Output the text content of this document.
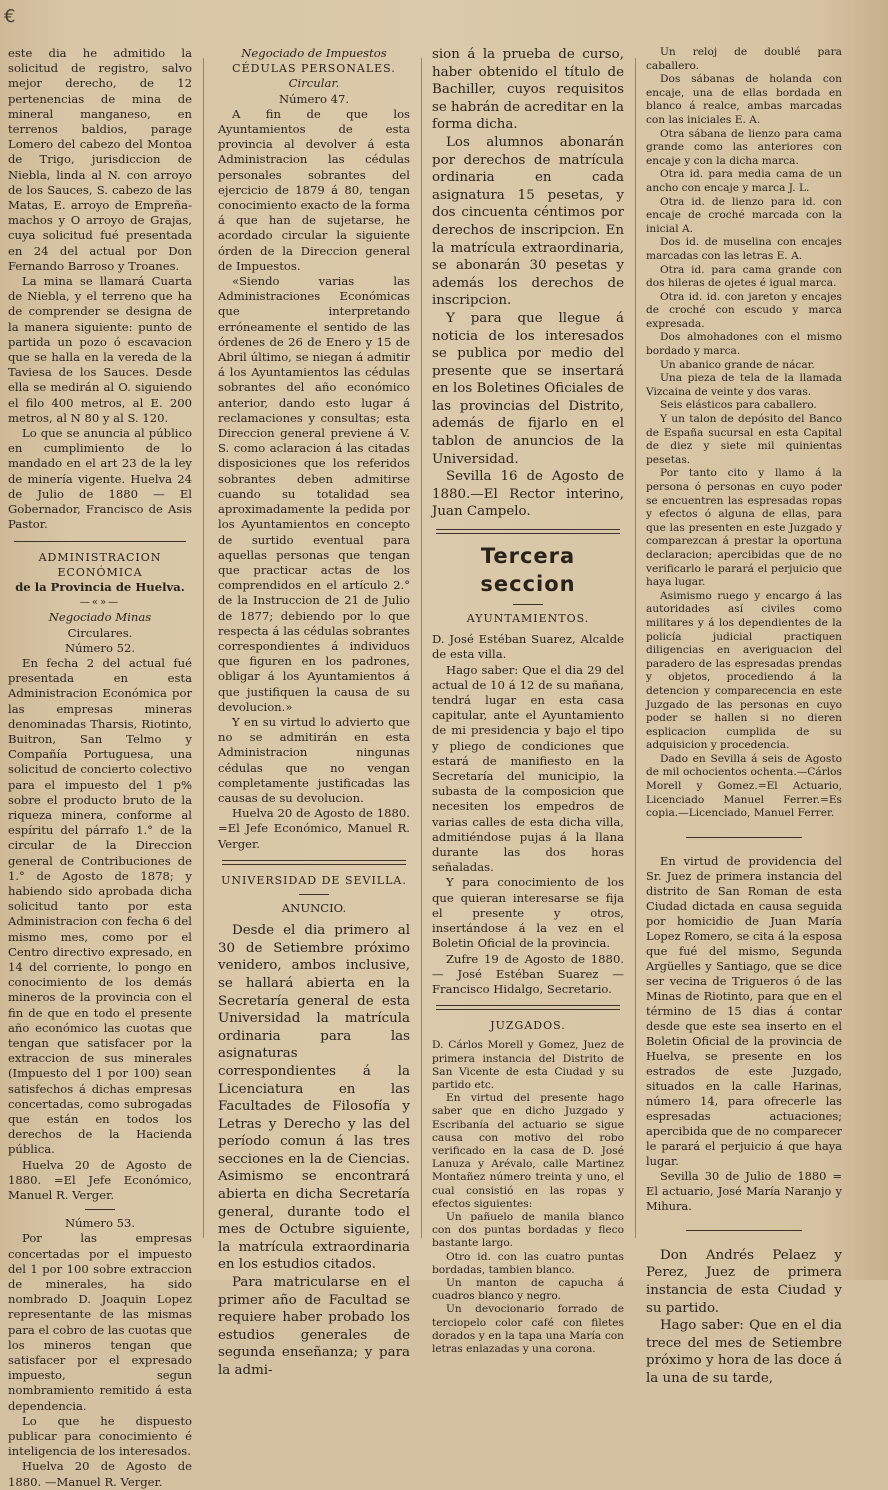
€

este dia he admitido la solicitud de registro, salvo mejor derecho, de 12 pertenencias de mina de mineral manganeso, en terrenos baldios, parage Lomero del cabezo del Montoa de Trigo, jurisdiccion de Niebla, linda al N. con arroyo de los Sauces, S. cabezo de las Matas, E. arroyo de Empreña-machos y O arroyo de Grajas, cuya solicitud fué presentada en 24 del actual por Don Fernando Barroso y Troanes.

La mina se llamará Cuarta de Niebla, y el terreno que ha de comprender se designa de la manera siguiente: punto de partida un pozo ó escavacion que se halla en la vereda de la Taviesa de los Sauces. Desde ella se medirán al O. siguiendo el filo 400 metros, al E. 200 metros, al N 80 y al S. 120.

Lo que se anuncia al público en cumplimiento de lo mandado en el art 23 de la ley de minería vigente. Huelva 24 de Julio de 1880 — El Gobernador, Francisco de Asis Pastor.

ADMINISTRACION ECONÓMICA

de la Provincia de Huelva.

—«»—

Negociado Minas

Circulares.

Número 52.

En fecha 2 del actual fué presentada en esta Administracion Económica por las empresas mineras denominadas Tharsis, Riotinto, Buitron, San Telmo y Compañía Portuguesa, una solicitud de concierto colectivo para el impuesto del 1 p% sobre el producto bruto de la riqueza minera, conforme al espíritu del párrafo 1.° de la circular de la Direccion general de Contribuciones de 1.° de Agosto de 1878; y habiendo sido aprobada dicha solicitud tanto por esta Administracion con fecha 6 del mismo mes, como por el Centro directivo expresado, en 14 del corriente, lo pongo en conocimiento de los demás mineros de la provincia con el fin de que en todo el presente año económico las cuotas que tengan que satisfacer por la extraccion de sus minerales (Impuesto del 1 por 100) sean satisfechos á dichas empresas concertadas, como subrogadas que están en todos los derechos de la Hacienda pública.

Huelva 20 de Agosto de 1880. =El Jefe Económico, Manuel R. Verger.

Número 53.

Por las empresas concertadas por el impuesto del 1 por 100 sobre extraccion de minerales, ha sido nombrado D. Joaquin Lopez representante de las mismas para el cobro de las cuotas que los mineros tengan que satisfacer por el expresado impuesto, segun nombramiento remitido á esta dependencia.

Lo que he dispuesto publicar para conocimiento é inteligencia de los interesados.

Huelva 20 de Agosto de 1880. —Manuel R. Verger.

Negociado de Impuestos

CÉDULAS PERSONALES.

Circular.

Número 47.

A fin de que los Ayuntamientos de esta provincia al devolver á esta Administracion las cédulas personales sobrantes del ejercicio de 1879 á 80, tengan conocimiento exacto de la forma á que han de sujetarse, he acordado circular la siguiente órden de la Direccion general de Impuestos.

«Siendo varias las Administraciones Económicas que interpretando erróneamente el sentido de las órdenes de 26 de Enero y 15 de Abril último, se niegan á admitir á los Ayuntamientos las cédulas sobrantes del año económico anterior, dando esto lugar á reclamaciones y consultas; esta Direccion general previene á V. S. como aclaracion á las citadas disposiciones que los referidos sobrantes deben admitirse cuando su totalidad sea aproximadamente la pedida por los Ayuntamientos en concepto de surtido eventual para aquellas personas que tengan que practicar actas de los comprendidos en el artículo 2.° de la Instruccion de 21 de Julio de 1877; debiendo por lo que respecta á las cédulas sobrantes correspondientes á individuos que figuren en los padrones, obligar á los Ayuntamientos á que justifiquen la causa de su devolucion.»

Y en su virtud lo advierto que no se admitirán en esta Administracion ningunas cédulas que no vengan completamente justificadas las causas de su devolucion.

Huelva 20 de Agosto de 1880. =El Jefe Económico, Manuel R. Verger.

UNIVERSIDAD DE SEVILLA.

ANUNCIO.

Desde el dia primero al 30 de Setiembre próximo venidero, ambos inclusive, se hallará abierta en la Secretaría general de esta Universidad la matrícula ordinaria para las asignaturas correspondientes á la Licenciatura en las Facultades de Filosofía y Letras y Derecho y las del período comun á las tres secciones en la de Ciencias. Asimismo se encontrará abierta en dicha Secretaría general, durante todo el mes de Octubre siguiente, la matrícula extraordinaria en los estudios citados.

Para matricularse en el primer año de Facultad se requiere haber probado los estudios generales de segunda enseñanza; y para la admi-

sion á la prueba de curso, haber obtenido el título de Bachiller, cuyos requisitos se habrán de acreditar en la forma dicha.

Los alumnos abonarán por derechos de matrícula ordinaria en cada asignatura 15 pesetas, y dos cincuenta céntimos por derechos de inscripcion. En la matrícula extraordinaria, se abonarán 30 pesetas y además los derechos de inscripcion.

Y para que llegue á noticia de los interesados se publica por medio del presente que se insertará en los Boletines Oficiales de las provincias del Distrito, además de fijarlo en el tablon de anuncios de la Universidad.

Sevilla 16 de Agosto de 1880.—El Rector interino, Juan Campelo.

Tercera seccion

AYUNTAMIENTOS.

D. José Estéban Suarez, Alcalde de esta villa.

Hago saber: Que el dia 29 del actual de 10 á 12 de su mañana, tendrá lugar en esta casa capitular, ante el Ayuntamiento de mi presidencia y bajo el tipo y pliego de condiciones que estará de manifiesto en la Secretaría del municipio, la subasta de la composicion que necesiten los empedros de varias calles de esta dicha villa, admitiéndose pujas á la llana durante las dos horas señaladas.

Y para conocimiento de los que quieran interesarse se fija el presente y otros, insertándose á la vez en el Boletin Oficial de la provincia.

Zufre 19 de Agosto de 1880.— José Estéban Suarez —Francisco Hidalgo, Secretario.

JUZGADOS.

D. Cárlos Morell y Gomez, Juez de primera instancia del Distrito de San Vicente de esta Ciudad y su partido etc.

En virtud del presente hago saber que en dicho Juzgado y Escribanía del actuario se sigue causa con motivo del robo verificado en la casa de D. José Lanuza y Arévalo, calle Martinez Montañez número treinta y uno, el cual consistió en las ropas y efectos siguientes:

Un pañuelo de manila blanco con dos puntas bordadas y fleco bastante largo.

Otro id. con las cuatro puntas bordadas, tambien blanco.

Un manton de capucha á cuadros blanco y negro.

Un devocionario forrado de terciopelo color café con filetes dorados y en la tapa una María con letras enlazadas y una corona.

Un reloj de doublé para caballero.

Dos sábanas de holanda con encaje, una de ellas bordada en blanco á realce, ambas marcadas con las iniciales E. A.

Otra sábana de lienzo para cama grande como las anteriores con encaje y con la dicha marca.

Otra id. para media cama de un ancho con encaje y marca J. L.

Otra id. de lienzo para id. con encaje de croché marcada con la inicial A.

Dos id. de muselina con encajes marcadas con las letras E. A.

Otra id. para cama grande con dos hileras de ojetes é igual marca.

Otra id. id. con jareton y encajes de croché con escudo y marca expresada.

Dos almohadones con el mismo bordado y marca.

Un abanico grande de nácar.

Una pieza de tela de la llamada Vizcaina de veinte y dos varas.

Seis elásticos para caballero.

Y un talon de depósito del Banco de España sucursal en esta Capital de diez y siete mil quinientas pesetas.

Por tanto cito y llamo á la persona ó personas en cuyo poder se encuentren las espresadas ropas y efectos ó alguna de ellas, para que las presenten en este Juzgado y comparezcan á prestar la oportuna declaracion; apercibidas que de no verificarlo le parará el perjuicio que haya lugar.

Asimismo ruego y encargo á las autoridades así civiles como militares y á los dependientes de la policía judicial practiquen diligencias en averiguacion del paradero de las espresadas prendas y objetos, procediendo á la detencion y comparecencia en este Juzgado de las personas en cuyo poder se hallen si no dieren esplicacion cumplida de su adquisicion y procedencia.

Dado en Sevilla á seis de Agosto de mil ochocientos ochenta.—Cárlos Morell y Gomez.=El Actuario, Licenciado Manuel Ferrer.=Es copia.—Licenciado, Manuel Ferrer.

En virtud de providencia del Sr. Juez de primera instancia del distrito de San Roman de esta Ciudad dictada en causa seguida por homicidio de Juan María Lopez Romero, se cita á la esposa que fué del mismo, Segunda Argüelles y Santiago, que se dice ser vecina de Trigueros ó de las Minas de Riotinto, para que en el término de 15 dias á contar desde que este sea inserto en el Boletin Oficial de la provincia de Huelva, se presente en los estrados de este Juzgado, situados en la calle Harinas, número 14, para ofrecerle las espresadas actuaciones; apercibida que de no comparecer le parará el perjuicio á que haya lugar.

Sevilla 30 de Julio de 1880 = El actuario, José María Naranjo y Mihura.

Don Andrés Pelaez y Perez, Juez de primera instancia de esta Ciudad y su partido.

Hago saber: Que en el dia trece del mes de Setiembre próximo y hora de las doce á la una de su tarde,
